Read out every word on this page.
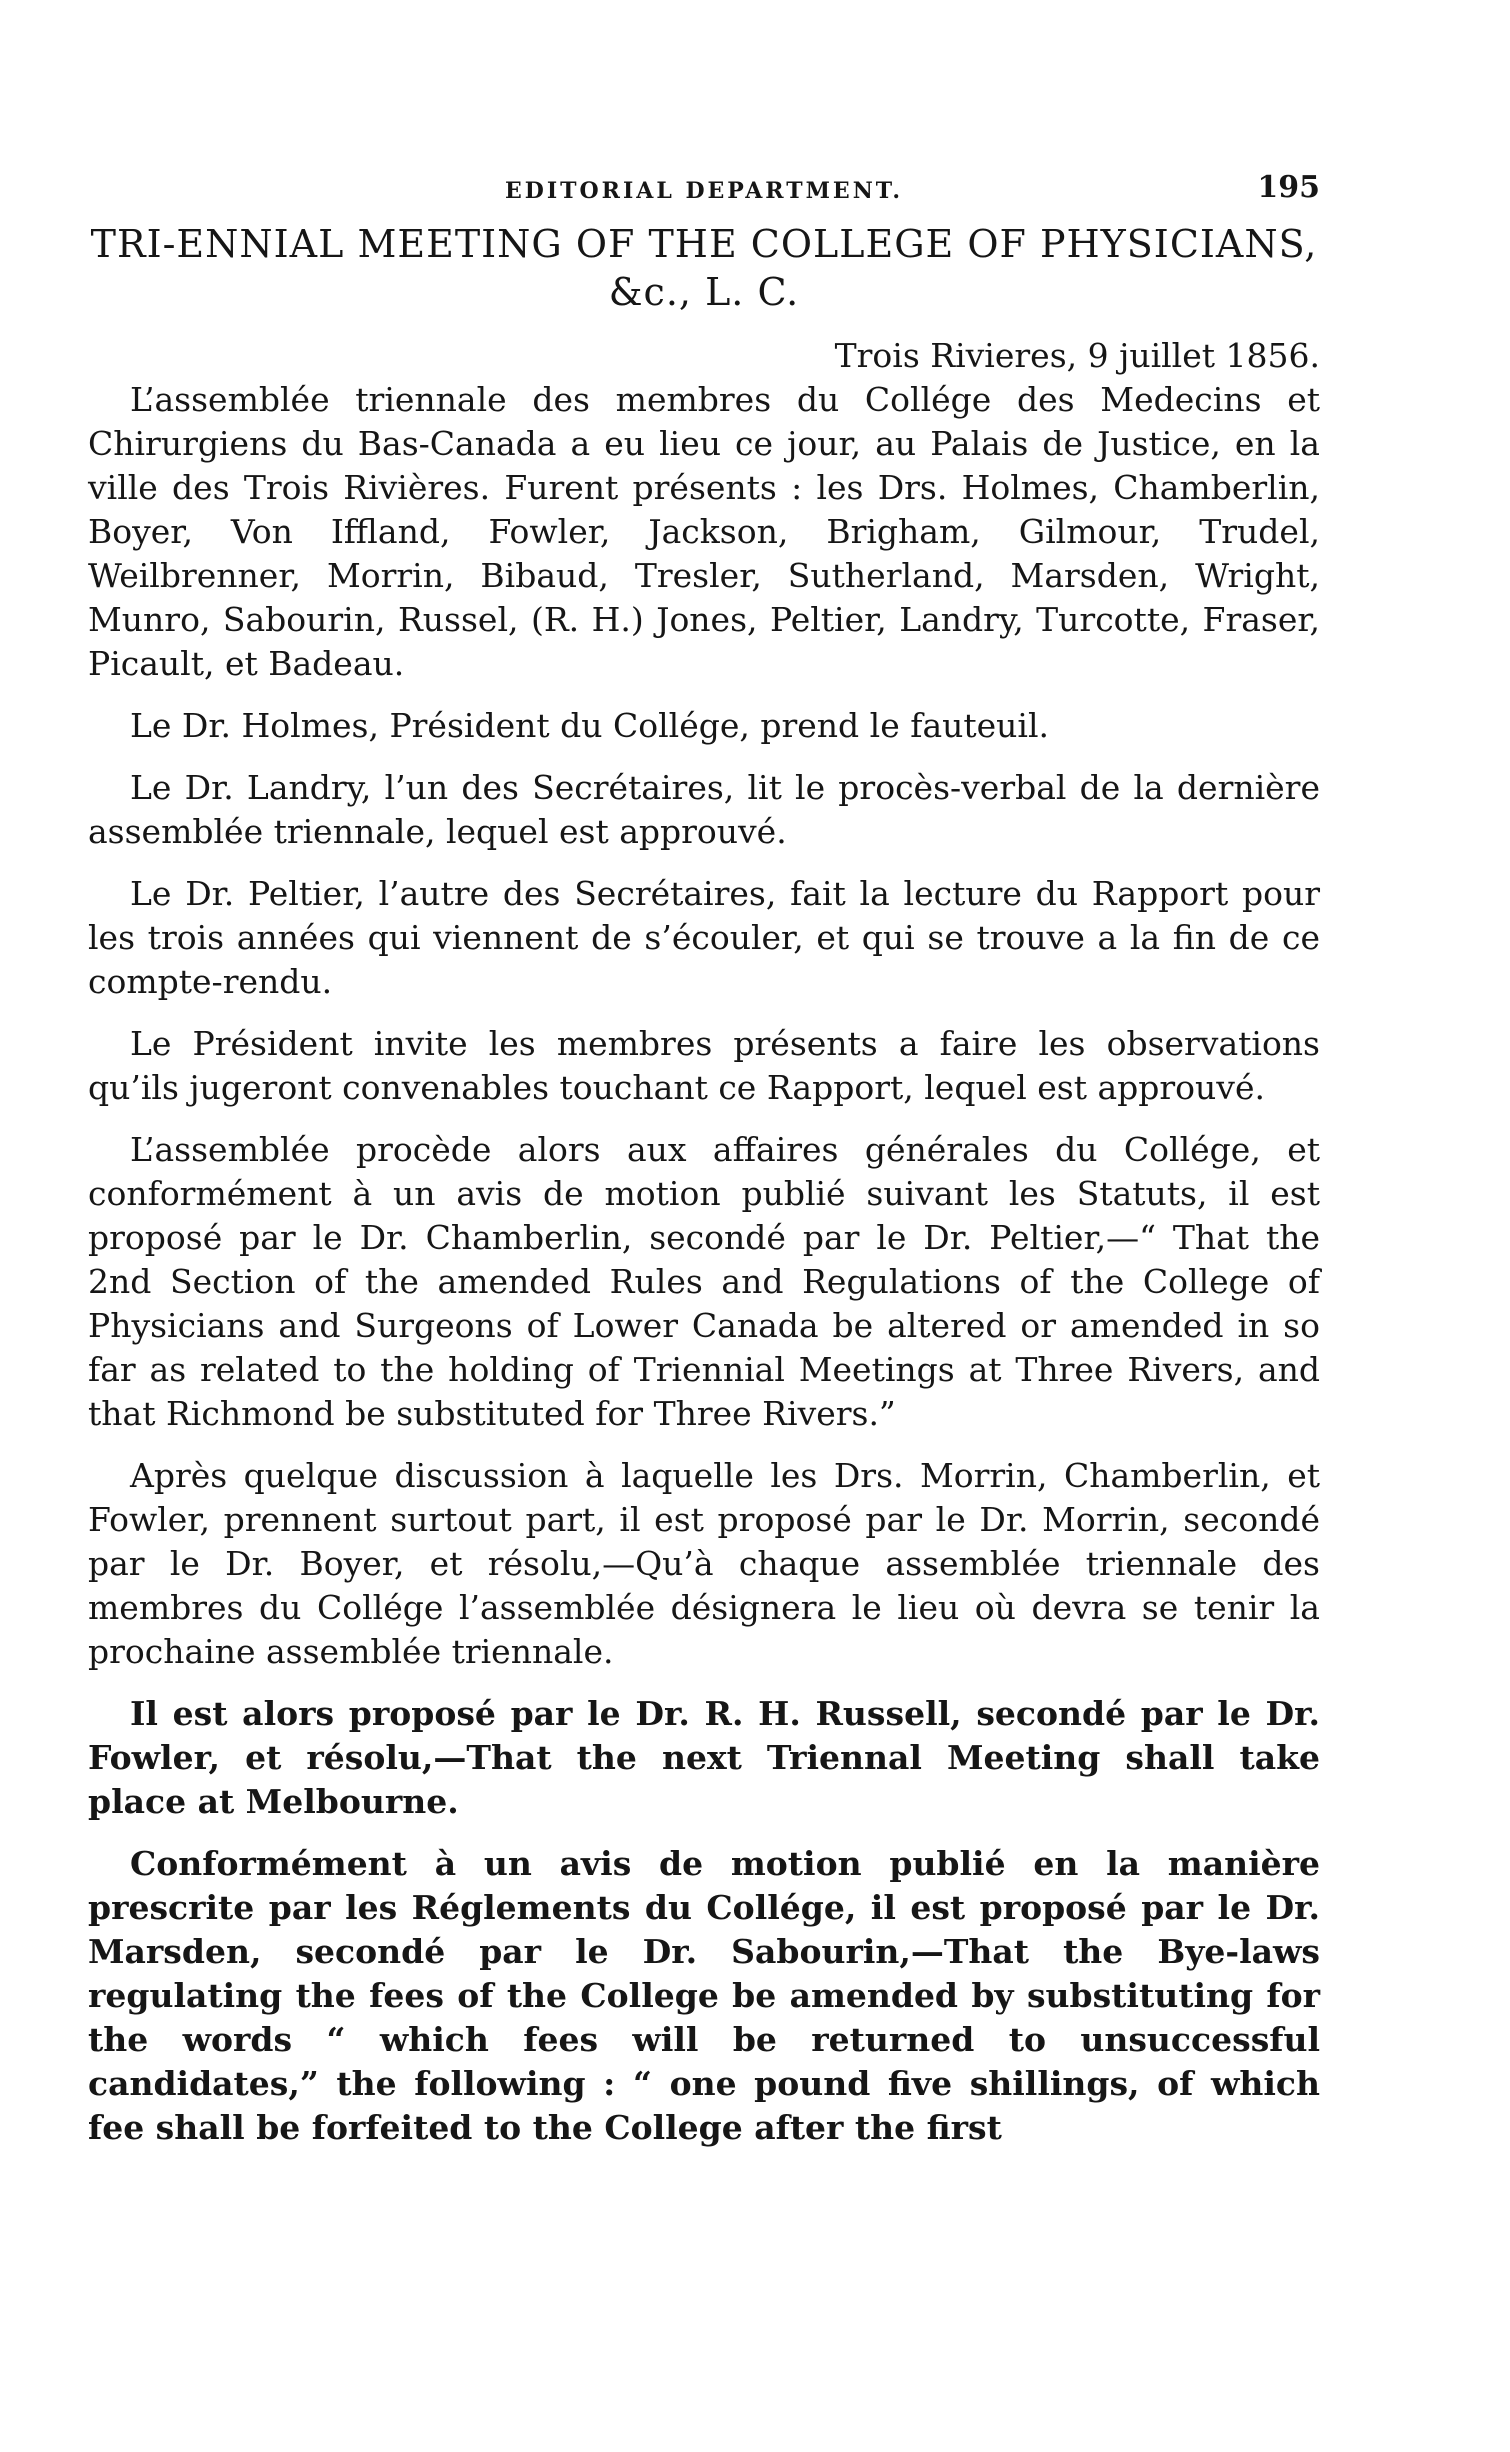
EDITORIAL DEPARTMENT.	195
TRI-ENNIAL MEETING OF THE COLLEGE OF PHYSICIANS,
&c., L. C.
Trois Rivieres, 9 juillet 1856.

L’assemblée triennale des membres du Collége des Medecins et Chirurgiens du Bas-Canada a eu lieu ce jour, au Palais de Justice, en la ville des Trois Rivières. Furent présents : les Drs. Holmes, Chamberlin, Boyer, Von Iffland, Fowler, Jackson, Brigham, Gilmour, Trudel, Weilbrenner, Morrin, Bibaud, Tresler, Sutherland, Marsden, Wright, Munro, Sabourin, Russel, (R. H.) Jones, Peltier, Landry, Turcotte, Fraser, Picault, et Badeau.

Le Dr. Holmes, Président du Collége, prend le fauteuil.

Le Dr. Landry, l’un des Secrétaires, lit le procès-verbal de la dernière assemblée triennale, lequel est approuvé.

Le Dr. Peltier, l’autre des Secrétaires, fait la lecture du Rapport pour les trois années qui viennent de s’écouler, et qui se trouve a la fin de ce compte-rendu.

Le Président invite les membres présents a faire les observations qu’ils jugeront convenables touchant ce Rapport, lequel est approuvé.

L’assemblée procède alors aux affaires générales du Collége, et conformément à un avis de motion publié suivant les Statuts, il est proposé par le Dr. Chamberlin, secondé par le Dr. Peltier,—“ That the 2nd Section of the amended Rules and Regulations of the College of Physicians and Surgeons of Lower Canada be altered or amended in so far as related to the holding of Triennial Meetings at Three Rivers, and that Richmond be substituted for Three Rivers.”

Après quelque discussion à laquelle les Drs. Morrin, Chamberlin, et Fowler, prennent surtout part, il est proposé par le Dr. Morrin, secondé par le Dr. Boyer, et résolu,—Qu’à chaque assemblée triennale des membres du Collége l’assemblée désignera le lieu où devra se tenir la prochaine assemblée triennale.

Il est alors proposé par le Dr. R. H. Russell, secondé par le Dr. Fowler, et résolu,—That the next Triennal Meeting shall take place at Melbourne.

Conformément à un avis de motion publié en la manière prescrite par les Réglements du Collége, il est proposé par le Dr. Marsden, secondé par le Dr. Sabourin,—That the Bye-laws regulating the fees of the College be amended by substituting for the words “ which fees will be returned to unsuccessful candidates,” the following : “ one pound five shillings, of which fee shall be forfeited to the College after the first
